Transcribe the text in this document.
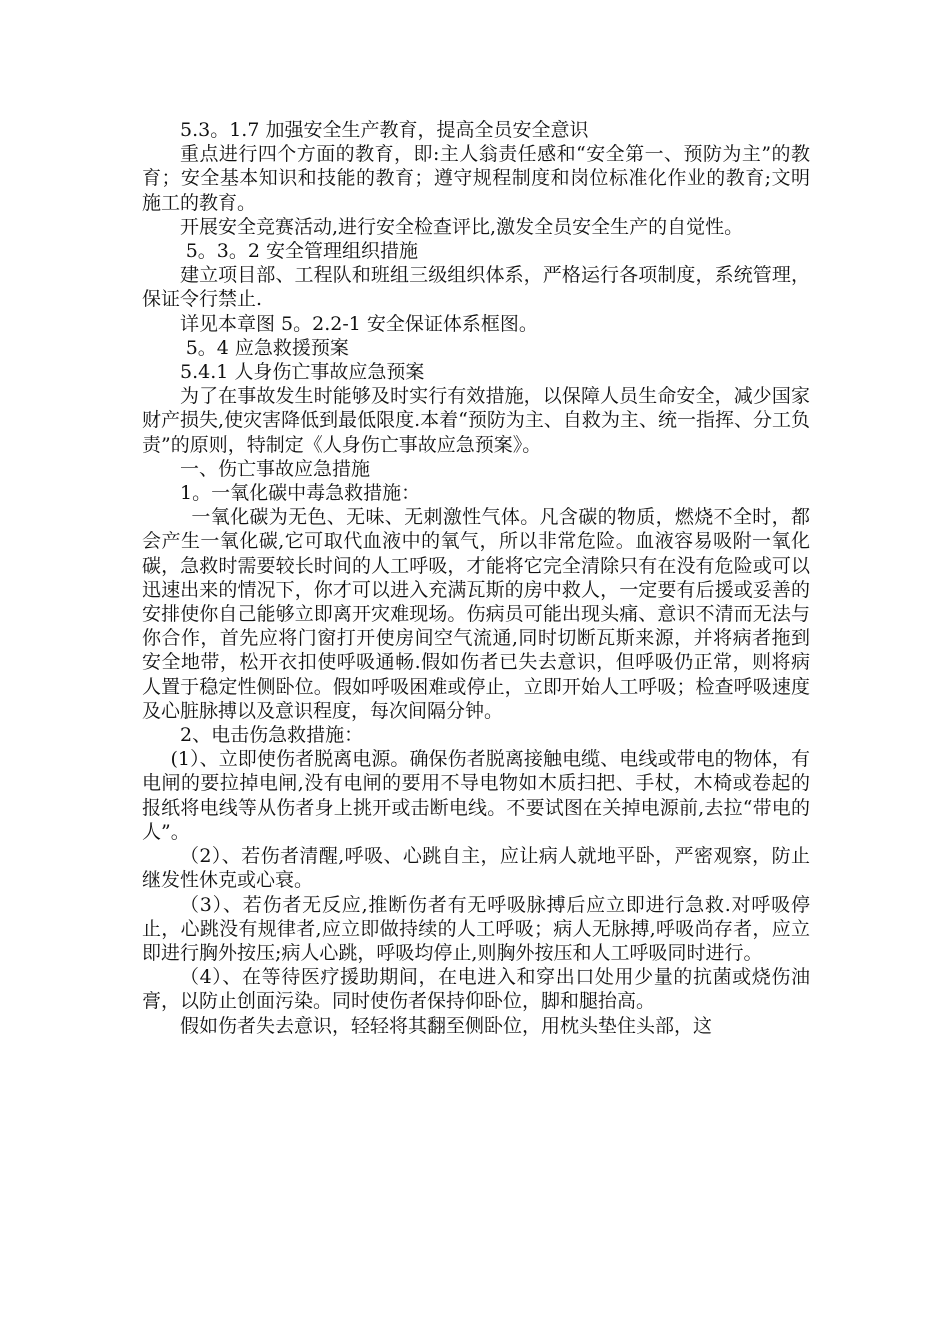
5.3。1.7 加强安全生产教育，提高全员安全意识

重点进行四个方面的教育，即:主人翁责任感和“安全第一、预防为主”的教育；安全基本知识和技能的教育；遵守规程制度和岗位标准化作业的教育;文明施工的教育。

开展安全竞赛活动,进行安全检查评比,激发全员安全生产的自觉性。

5。3。2 安全管理组织措施

建立项目部、工程队和班组三级组织体系，严格运行各项制度，系统管理，保证令行禁止.

详见本章图 5。2.2-1 安全保证体系框图。

5。4 应急救援预案

5.4.1 人身伤亡事故应急预案

为了在事故发生时能够及时实行有效措施，以保障人员生命安全，减少国家财产损失,使灾害降低到最低限度.本着“预防为主、自救为主、统一指挥、分工负责”的原则，特制定《人身伤亡事故应急预案》。

一、伤亡事故应急措施

1。一氧化碳中毒急救措施：

一氧化碳为无色、无味、无刺激性气体。凡含碳的物质，燃烧不全时，都会产生一氧化碳,它可取代血液中的氧气，所以非常危险。血液容易吸附一氧化碳，急救时需要较长时间的人工呼吸，才能将它完全清除只有在没有危险或可以迅速出来的情况下，你才可以进入充满瓦斯的房中救人，一定要有后援或妥善的安排使你自己能够立即离开灾难现场。伤病员可能出现头痛、意识不清而无法与你合作，首先应将门窗打开使房间空气流通,同时切断瓦斯来源，并将病者拖到安全地带，松开衣扣使呼吸通畅.假如伤者已失去意识，但呼吸仍正常，则将病人置于稳定性侧卧位。假如呼吸困难或停止，立即开始人工呼吸；检查呼吸速度及心脏脉搏以及意识程度，每次间隔分钟。

2、电击伤急救措施：

(1）、立即使伤者脱离电源。确保伤者脱离接触电缆、电线或带电的物体，有电闸的要拉掉电闸,没有电闸的要用不导电物如木质扫把、手杖，木椅或卷起的报纸将电线等从伤者身上挑开或击断电线。不要试图在关掉电源前,去拉“带电的人”。

（2）、若伤者清醒,呼吸、心跳自主，应让病人就地平卧，严密观察，防止继发性休克或心衰。

（3）、若伤者无反应,推断伤者有无呼吸脉搏后应立即进行急救.对呼吸停止，心跳没有规律者,应立即做持续的人工呼吸；病人无脉搏,呼吸尚存者，应立即进行胸外按压;病人心跳，呼吸均停止,则胸外按压和人工呼吸同时进行。

（4）、在等待医疗援助期间，在电进入和穿出口处用少量的抗菌或烧伤油膏，以防止创面污染。同时使伤者保持仰卧位，脚和腿抬高。

假如伤者失去意识，轻轻将其翻至侧卧位，用枕头垫住头部，这
